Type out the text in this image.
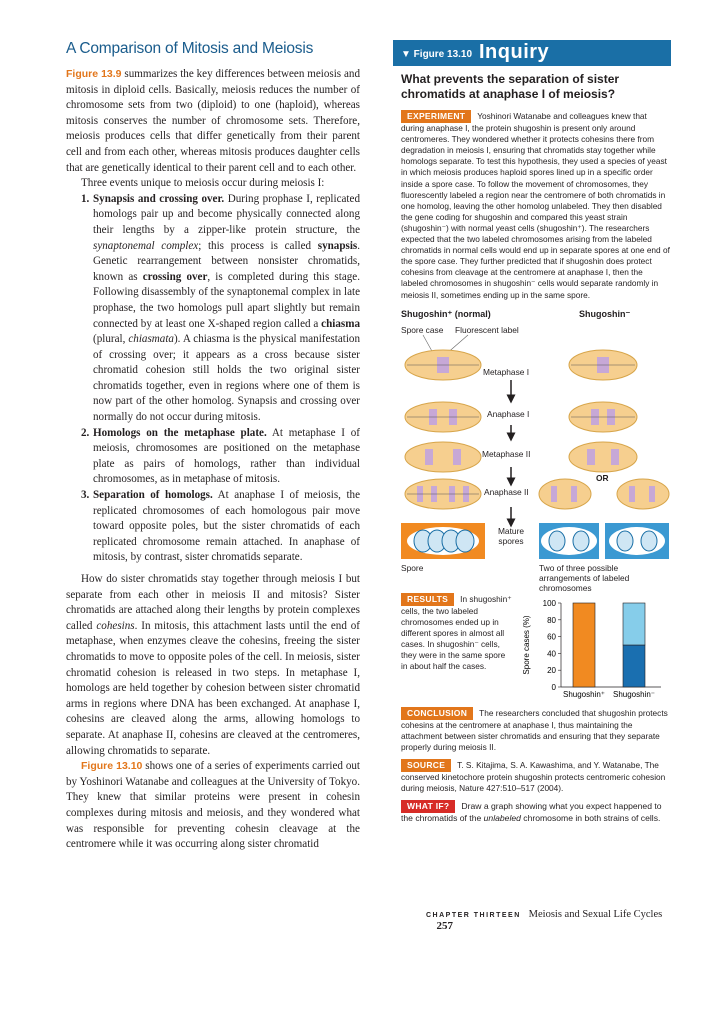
A Comparison of Mitosis and Meiosis

Figure 13.9 summarizes the key differences between meiosis and mitosis in diploid cells. Basically, meiosis reduces the number of chromosome sets from two (diploid) to one (haploid), whereas mitosis conserves the number of chromosome sets. Therefore, meiosis produces cells that differ genetically from their parent cell and from each other, whereas mitosis produces daughter cells that are genetically identical to their parent cell and to each other.

Three events unique to meiosis occur during meiosis I:

1. Synapsis and crossing over. During prophase I, replicated homologs pair up and become physically connected along their lengths by a zipper-like protein structure, the synaptonemal complex; this process is called synapsis. Genetic rearrangement between nonsister chromatids, known as crossing over, is completed during this stage. Following disassembly of the synaptonemal complex in late prophase, the two homologs pull apart slightly but remain connected by at least one X-shaped region called a chiasma (plural, chiasmata). A chiasma is the physical manifestation of crossing over; it appears as a cross because sister chromatid cohesion still holds the two original sister chromatids together, even in regions where one of them is now part of the other homolog. Synapsis and crossing over normally do not occur during mitosis.
2. Homologs on the metaphase plate. At metaphase I of meiosis, chromosomes are positioned on the metaphase plate as pairs of homologs, rather than individual chromosomes, as in metaphase of mitosis.
3. Separation of homologs. At anaphase I of meiosis, the replicated chromosomes of each homologous pair move toward opposite poles, but the sister chromatids of each replicated chromosome remain attached. In anaphase of mitosis, by contrast, sister chromatids separate.

How do sister chromatids stay together through meiosis I but separate from each other in meiosis II and mitosis? Sister chromatids are attached along their lengths by protein complexes called cohesins. In mitosis, this attachment lasts until the end of metaphase, when enzymes cleave the cohesins, freeing the sister chromatids to move to opposite poles of the cell. In meiosis, sister chromatid cohesion is released in two steps. In metaphase I, homologs are held together by cohesion between sister chromatid arms in regions where DNA has been exchanged. At anaphase I, cohesins are cleaved along the arms, allowing homologs to separate. At anaphase II, cohesins are cleaved at the centromeres, allowing chromatids to separate.

Figure 13.10 shows one of a series of experiments carried out by Yoshinori Watanabe and colleagues at the University of Tokyo. They knew that similar proteins were present in cohesin complexes during mitosis and meiosis, and they wondered what was responsible for preventing cohesin cleavage at the centromere while it was occurring along sister chromatid

▼ Figure 13.10 Inquiry
What prevents the separation of sister chromatids at anaphase I of meiosis?
EXPERIMENT Yoshinori Watanabe and colleagues knew that during anaphase I, the protein shugoshin is present only around centromeres. They wondered whether it protects cohesins there from degradation in meiosis I, ensuring that chromatids stay together while homologs separate. To test this hypothesis, they used a species of yeast in which meiosis produces haploid spores lined up in a specific order inside a spore case. To follow the movement of chromosomes, they fluorescently labeled a region near the centromere of both chromatids in one homolog, leaving the other homolog unlabeled. They then disabled the gene coding for shugoshin and compared this yeast strain (shugoshin⁻) with normal yeast cells (shugoshin⁺). The researchers expected that the two labeled chromosomes arising from the labeled chromatids in normal cells would end up in separate spores at one end of the spore case. They further predicted that if shugoshin does protect cohesins from cleavage at the centromere at anaphase I, then the labeled chromosomes in shugoshin⁻ cells would separate randomly in meiosis II, sometimes ending up in the same spore.
Shugoshin⁺ (normal)	Shugoshin⁻
Spore case Fluorescent label
Metaphase I
Anaphase I
Metaphase II
Anaphase II
OR
Mature spores
Spore	Two of three possible arrangements of labeled chromosomes
RESULTS In shugoshin⁺ cells, the two labeled chromosomes ended up in different spores in almost all cases. In shugoshin⁻ cells, they were in the same spore in about half the cases.	Spore cases (%)
100
80
60
40
20
0
Shugoshin⁺ Shugoshin⁻
CONCLUSION The researchers concluded that shugoshin protects cohesins at the centromere at anaphase I, thus maintaining the attachment between sister chromatids and ensuring that they separate properly during meiosis II.
SOURCE T. S. Kitajima, S. A. Kawashima, and Y. Watanabe, The conserved kinetochore protein shugoshin protects centromeric cohesion during meiosis, Nature 427:510–517 (2004).
WHAT IF? Draw a graph showing what you expect happened to the chromatids of the unlabeled chromosome in both strains of cells.
CHAPTER THIRTEEN Meiosis and Sexual Life Cycles     257
